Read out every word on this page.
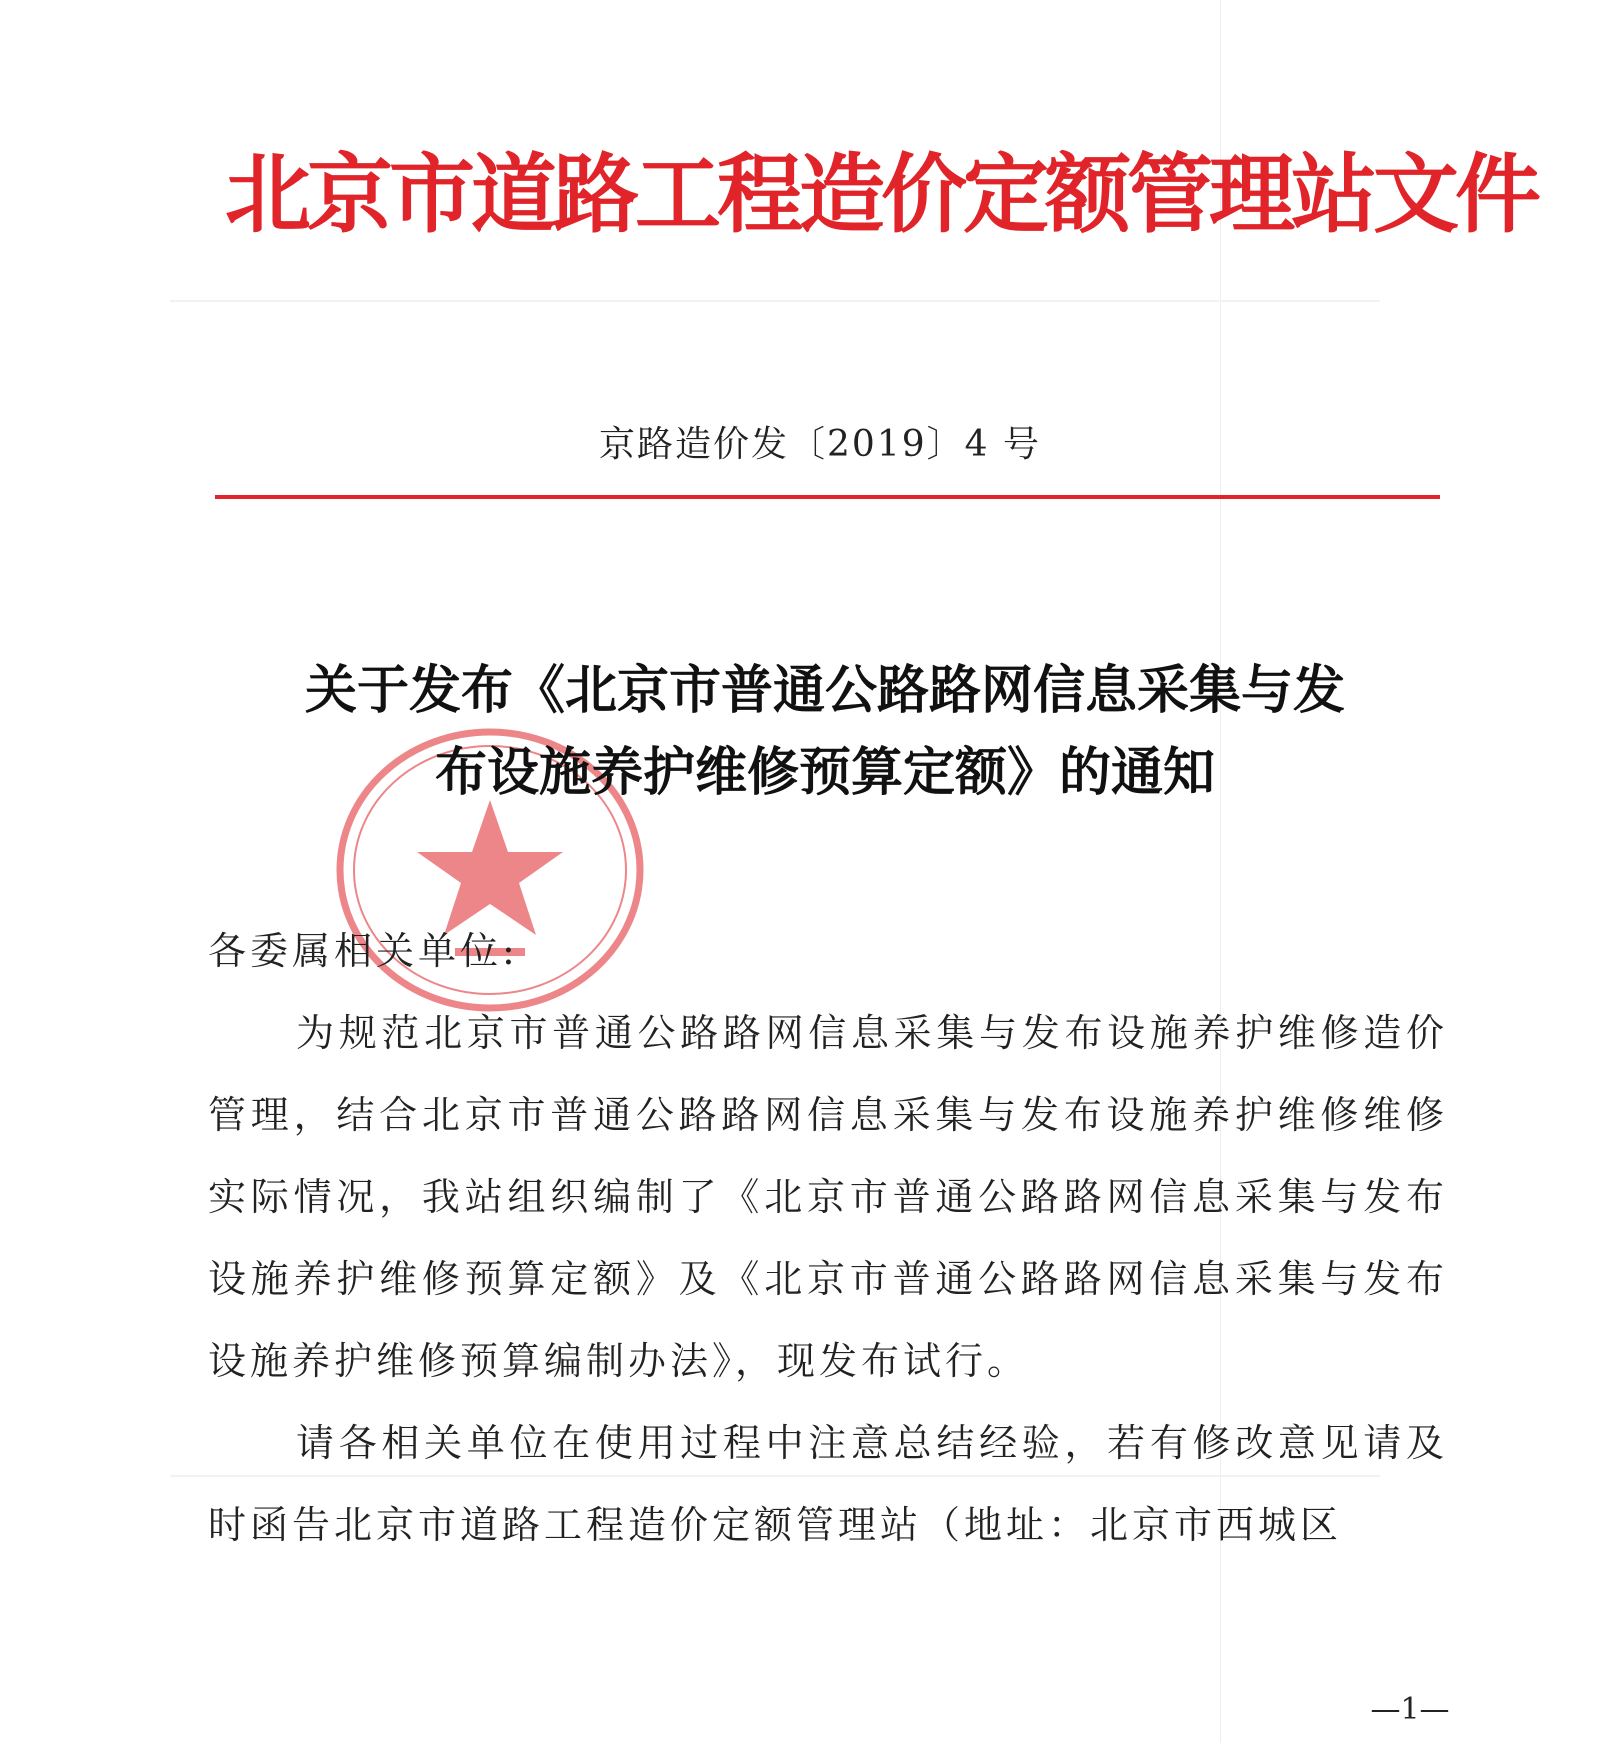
北京市道路工程造价定额管理站文件
京路造价发〔2019〕4 号
关于发布《北京市普通公路路网信息采集与发
布设施养护维修预算定额》的通知

各委属相关单位:

为规范北京市普通公路路网信息采集与发布设施养护维修造价管理，结合北京市普通公路路网信息采集与发布设施养护维修维修实际情况，我站组织编制了《北京市普通公路路网信息采集与发布设施养护维修预算定额》及《北京市普通公路路网信息采集与发布设施养护维修预算编制办法》，现发布试行。

请各相关单位在使用过程中注意总结经验，若有修改意见请及时函告北京市道路工程造价定额管理站（地址：北京市西城区

—1—
